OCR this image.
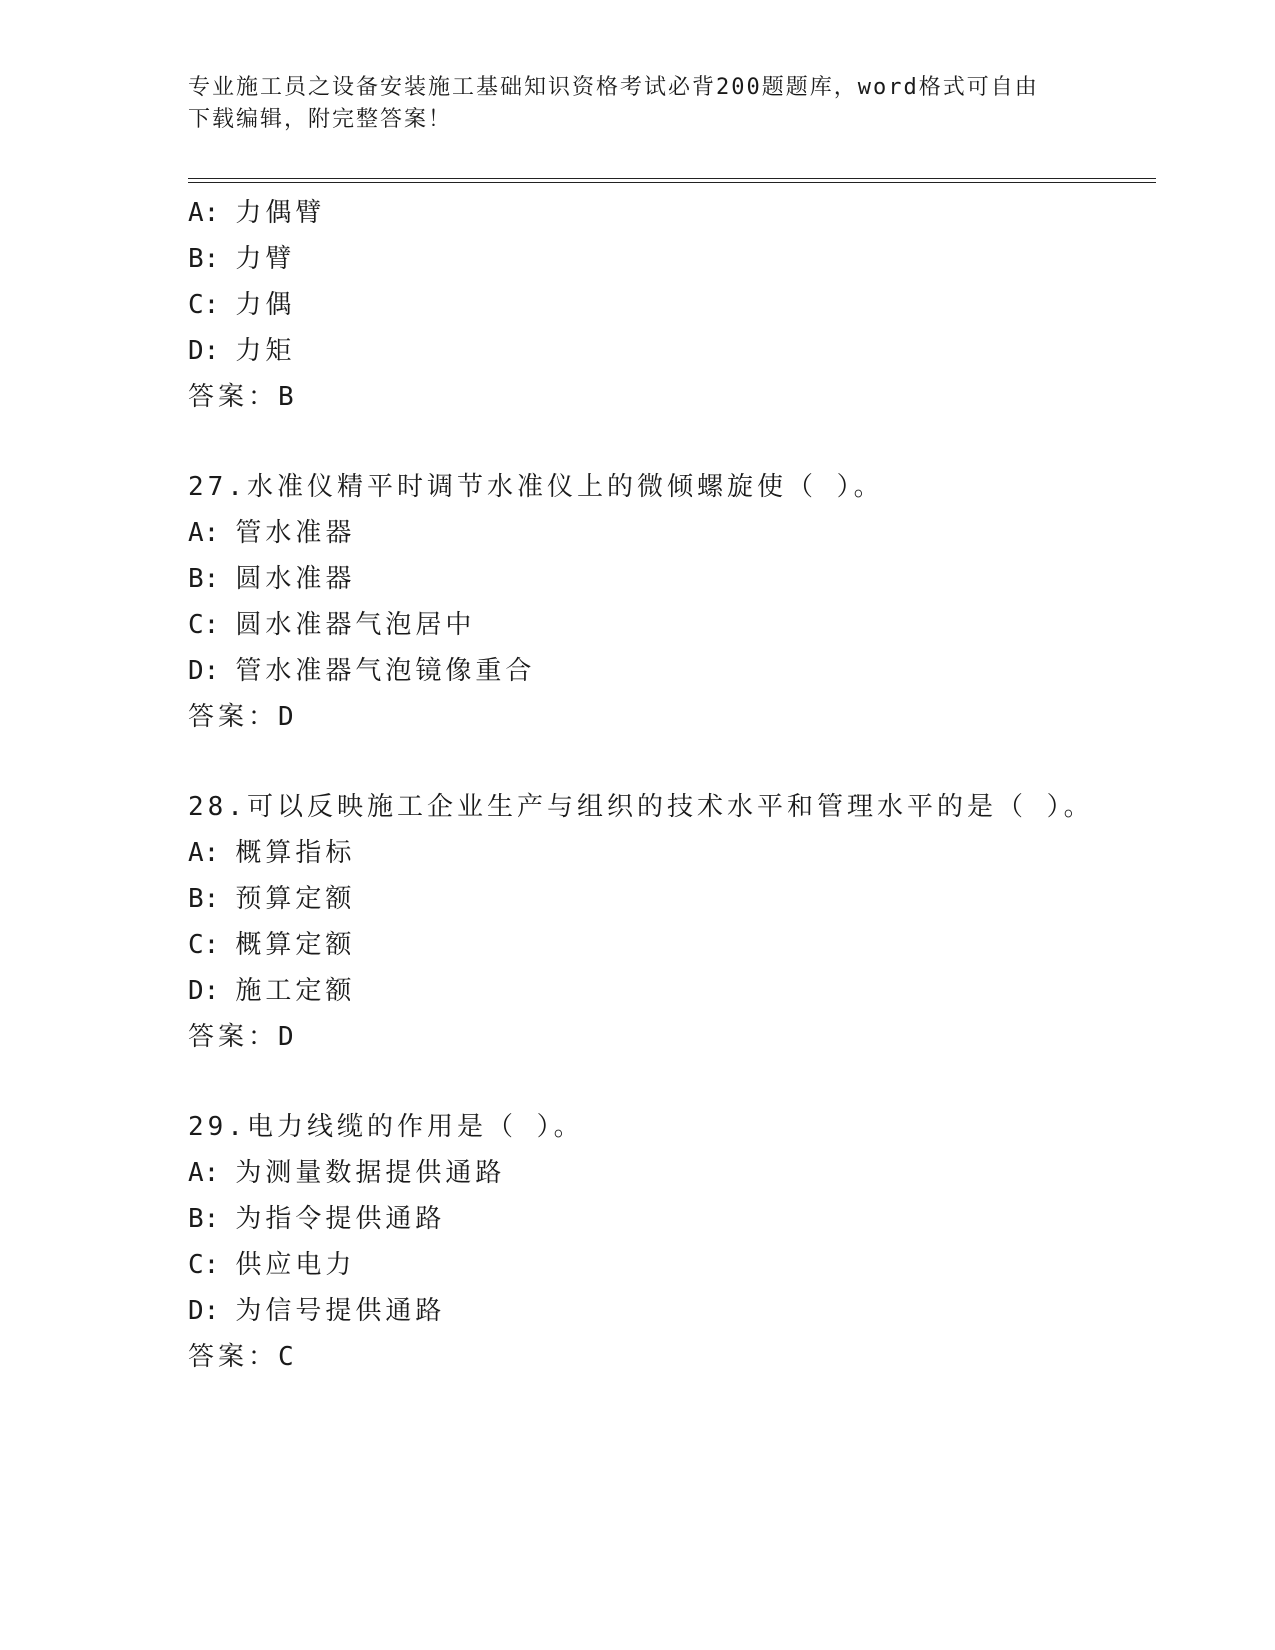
专业施工员之设备安装施工基础知识资格考试必背200题题库，word格式可自由
下载编辑，附完整答案！
A: 力偶臂
B: 力臂
C: 力偶
D: 力矩
答案：B
27.水准仪精平时调节水准仪上的微倾螺旋使（ ）。
A: 管水准器
B: 圆水准器
C: 圆水准器气泡居中
D: 管水准器气泡镜像重合
答案：D
28.可以反映施工企业生产与组织的技术水平和管理水平的是（ ）。
A: 概算指标
B: 预算定额
C: 概算定额
D: 施工定额
答案：D
29.电力线缆的作用是（ ）。
A: 为测量数据提供通路
B: 为指令提供通路
C: 供应电力
D: 为信号提供通路
答案：C
